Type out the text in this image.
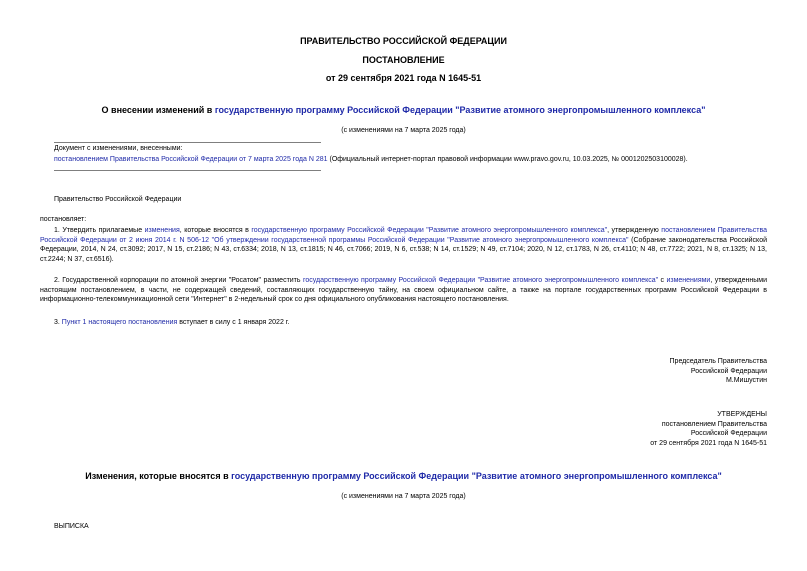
ПРАВИТЕЛЬСТВО РОССИЙСКОЙ ФЕДЕРАЦИИ
ПОСТАНОВЛЕНИЕ
от 29 сентября 2021 года N 1645-51
О внесении изменений в государственную программу Российской Федерации "Развитие атомного энергопромышленного комплекса"
(с изменениями на 7 марта 2025 года)
Документ с изменениями, внесенными:
постановлением Правительства Российской Федерации от 7 марта 2025 года N 281 (Официальный интернет-портал правовой информации www.pravo.gov.ru, 10.03.2025, № 0001202503100028).
Правительство Российской Федерации
постановляет:
1. Утвердить прилагаемые изменения, которые вносятся в государственную программу Российской Федерации "Развитие атомного энергопромышленного комплекса", утвержденную постановлением Правительства Российской Федерации от 2 июня 2014 г. N 506-12 "Об утверждении государственной программы Российской Федерации "Развитие атомного энергопромышленного комплекса" (Собрание законодательства Российской Федерации, 2014, N 24, ст.3092; 2017, N 15, ст.2186; N 43, ст.6334; 2018, N 13, ст.1815; N 46, ст.7066; 2019, N 6, ст.538; N 14, ст.1529; N 49, ст.7104; 2020, N 12, ст.1783, N 26, ст.4110; N 48, ст.7722; 2021, N 8, ст.1325; N 13, ст.2244; N 37, ст.6516).
2. Государственной корпорации по атомной энергии "Росатом" разместить государственную программу Российской Федерации "Развитие атомного энергопромышленного комплекса" с изменениями, утвержденными настоящим постановлением, в части, не содержащей сведений, составляющих государственную тайну, на своем официальном сайте, а также на портале государственных программ Российской Федерации в информационно-телекоммуникационной сети "Интернет" в 2-недельный срок со дня официального опубликования настоящего постановления.
3. Пункт 1 настоящего постановления вступает в силу с 1 января 2022 г.
Председатель Правительства
Российской Федерации
М.Мишустин
УТВЕРЖДЕНЫ
постановлением Правительства
Российской Федерации
от 29 сентября 2021 года N 1645-51
Изменения, которые вносятся в государственную программу Российской Федерации "Развитие атомного энергопромышленного комплекса"
(с изменениями на 7 марта 2025 года)
ВЫПИСКА
